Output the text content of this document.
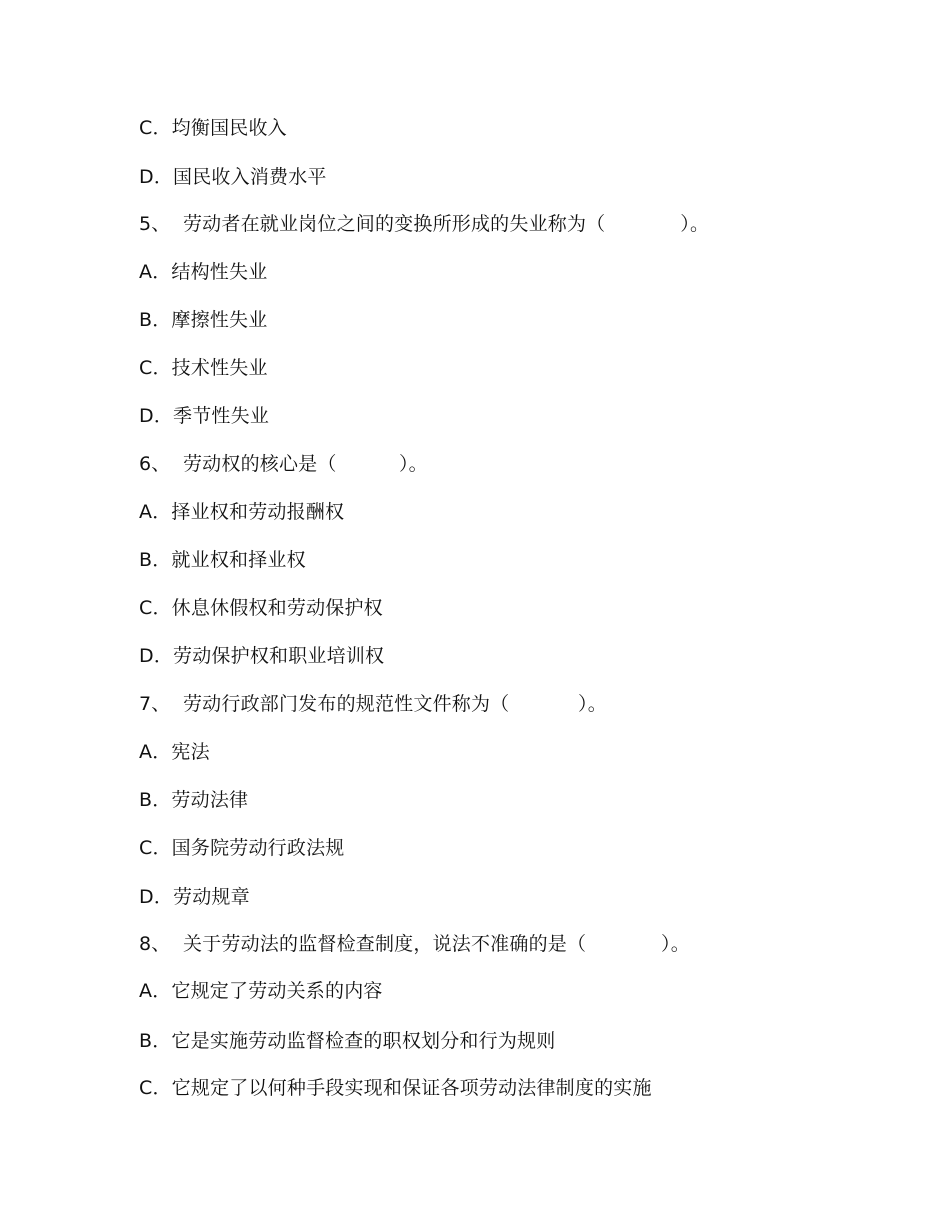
C．均衡国民收入
D．国民收入消费水平
5、  劳动者在就业岗位之间的变换所形成的失业称为（            ）。
A．结构性失业
B．摩擦性失业
C．技术性失业
D．季节性失业
6、  劳动权的核心是（          ）。
A．择业权和劳动报酬权
B．就业权和择业权
C．休息休假权和劳动保护权
D．劳动保护权和职业培训权
7、  劳动行政部门发布的规范性文件称为（           ）。
A．宪法
B．劳动法律
C．国务院劳动行政法规
D．劳动规章
8、  关于劳动法的监督检查制度，说法不准确的是（            ）。
A．它规定了劳动关系的内容
B．它是实施劳动监督检查的职权划分和行为规则
C．它规定了以何种手段实现和保证各项劳动法律制度的实施
